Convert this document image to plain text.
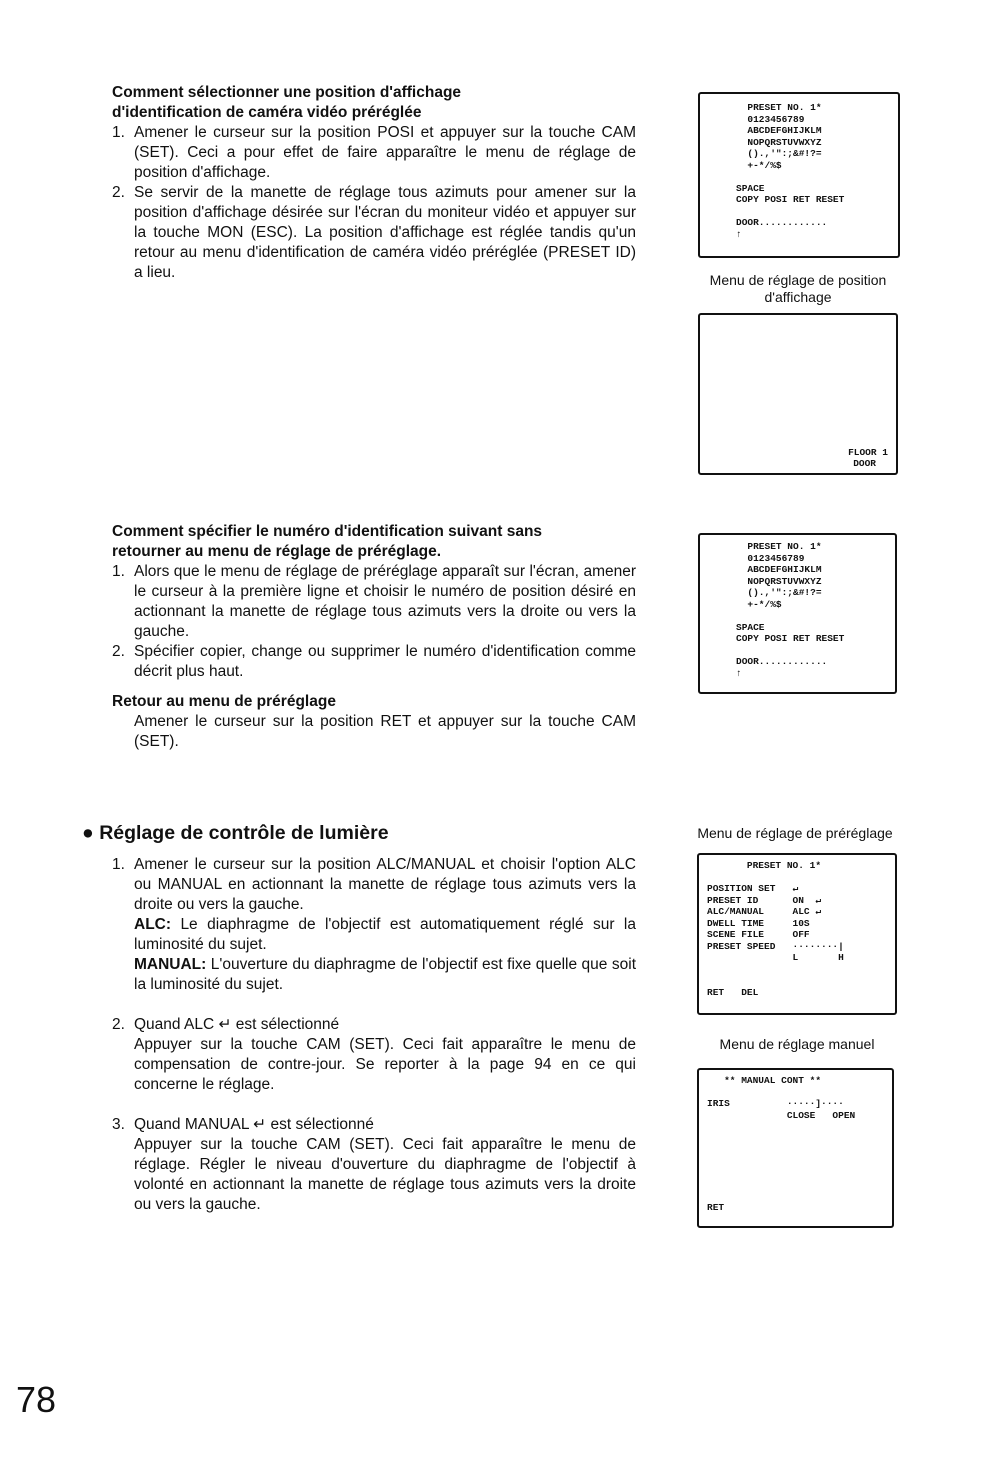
Comment sélectionner une position d'affichage
d'identification de caméra vidéo préréglée
1. Amener le curseur sur la position POSI et appuyer sur la touche CAM (SET). Ceci a pour effet de faire apparaître le menu de réglage de position d'affichage.
2. Se servir de la manette de réglage tous azimuts pour amener sur la position d'affichage désirée sur l'écran du moniteur vidéo et appuyer sur la touche MON (ESC). La position d'affichage est réglée tandis qu'un retour au menu d'identification de caméra vidéo préréglée (PRESET ID) a lieu.
Comment spécifier le numéro d'identification suivant sans
retourner au menu de réglage de préréglage.
1. Alors que le menu de réglage de préréglage apparaît sur l'écran, amener le curseur à la première ligne et choisir le numéro de position désiré en actionnant la manette de réglage tous azimuts vers la droite ou vers la gauche.
2. Spécifier copier, change ou supprimer le numéro d'identification comme décrit plus haut.
Retour au menu de préréglage
Amener le curseur sur la position RET et appuyer sur la touche CAM (SET).
● Réglage de contrôle de lumière
1. Amener le curseur sur la position ALC/MANUAL et choisir l'option ALC ou MANUAL en actionnant la manette de réglage tous azimuts vers la droite ou vers la gauche.
ALC: Le diaphragme de l'objectif est automatiquement réglé sur la luminosité du sujet.
MANUAL: L'ouverture du diaphragme de l'objectif est fixe quelle que soit la luminosité du sujet.
2. Quand ALC ↵ est sélectionné
Appuyer sur la touche CAM (SET). Ceci fait apparaître le menu de compensation de contre-jour. Se reporter à la page 94 en ce qui concerne le réglage.
3. Quand MANUAL ↵ est sélectionné
Appuyer sur la touche CAM (SET). Ceci fait apparaître le menu de réglage. Régler le niveau d'ouverture du diaphragme de l'objectif à volonté en actionnant la manette de réglage tous azimuts vers la droite ou vers la gauche.
PRESET NO. 1*
0123456789
ABCDEFGHIJKLM
NOPQRSTUVWXYZ
().,'":;&#!?=
+-*/%$

SPACE
COPY POSI RET RESET

DOOR............
↑
Menu de réglage de position d'affichage
FLOOR 1
DOOR
PRESET NO. 1*
0123456789
ABCDEFGHIJKLM
NOPQRSTUVWXYZ
().,'":;&#!?=
+-*/%$

SPACE
COPY POSI RET RESET

DOOR............
↑
Menu de réglage de préréglage
PRESET NO. 1*

POSITION SET   ↵
PRESET ID      ON  ↵
ALC/MANUAL     ALC ↵
DWELL TIME     10S
SCENE FILE     OFF
PRESET SPEED   ········|
L       H

RET   DEL
Menu de réglage manuel
** MANUAL CONT **

IRIS          ·····]····
CLOSE   OPEN

RET
78
